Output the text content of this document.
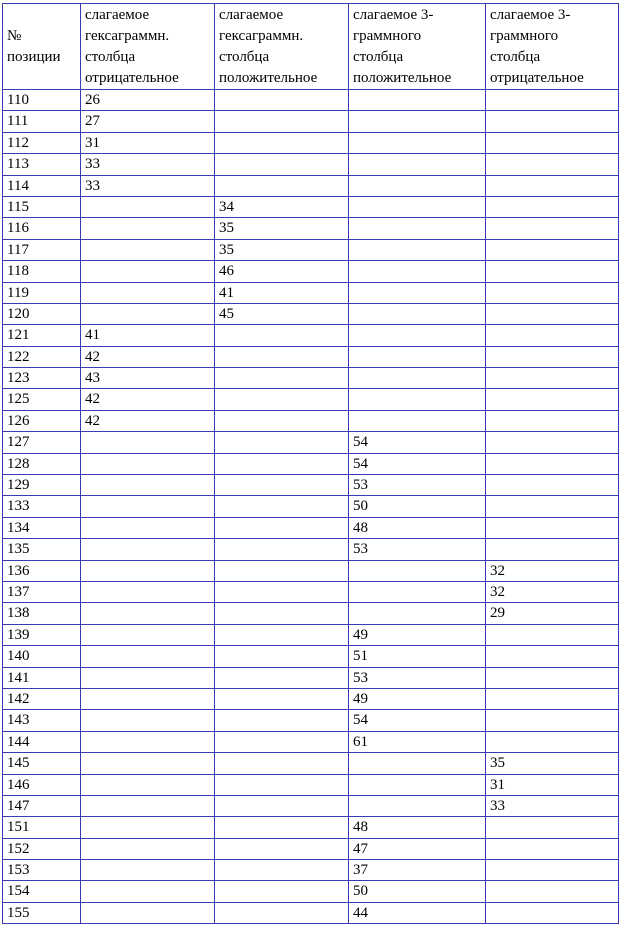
№
позиции	слагаемое
гексаграммн.
столбца
отрицательное	слагаемое
гексаграммн.
столбца
положительное	слагаемое 3-
граммного
столбца
положительное	слагаемое 3-
граммного
столбца
отрицательное
110	26			
111	27			
112	31			
113	33			
114	33			
115		34		
116		35		
117		35		
118		46		
119		41		
120		45		
121	41			
122	42			
123	43			
125	42			
126	42			
127			54	
128			54	
129			53	
133			50	
134			48	
135			53	
136				32
137				32
138				29
139			49	
140			51	
141			53	
142			49	
143			54	
144			61	
145				35
146				31
147				33
151			48	
152			47	
153			37	
154			50	
155			44	
